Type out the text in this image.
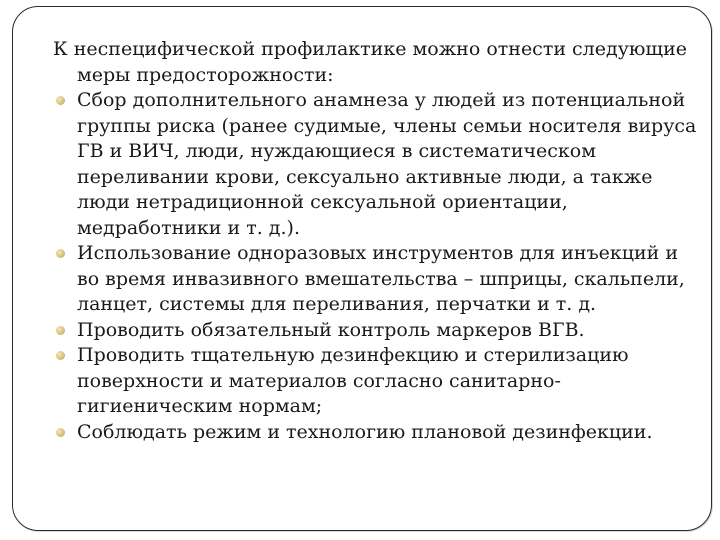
К неспецифической профилактике можно отнести следующие меры предосторожности:

Сбор дополнительного анамнеза у людей из потенциальной группы риска (ранее судимые, члены семьи носителя вируса ГВ и ВИЧ, люди, нуждающиеся в систематическом переливании крови, сексуально активные люди, а также люди нетрадиционной сексуальной ориентации, медработники и т. д.).
Использование одноразовых инструментов для инъекций и во время инвазивного вмешательства – шприцы, скальпели, ланцет, системы для переливания, перчатки и т. д.
Проводить обязательный контроль маркеров ВГВ.
Проводить тщательную дезинфекцию и стерилизацию поверхности и материалов согласно санитарно-гигиеническим нормам;
Соблюдать режим и технологию плановой дезинфекции.
